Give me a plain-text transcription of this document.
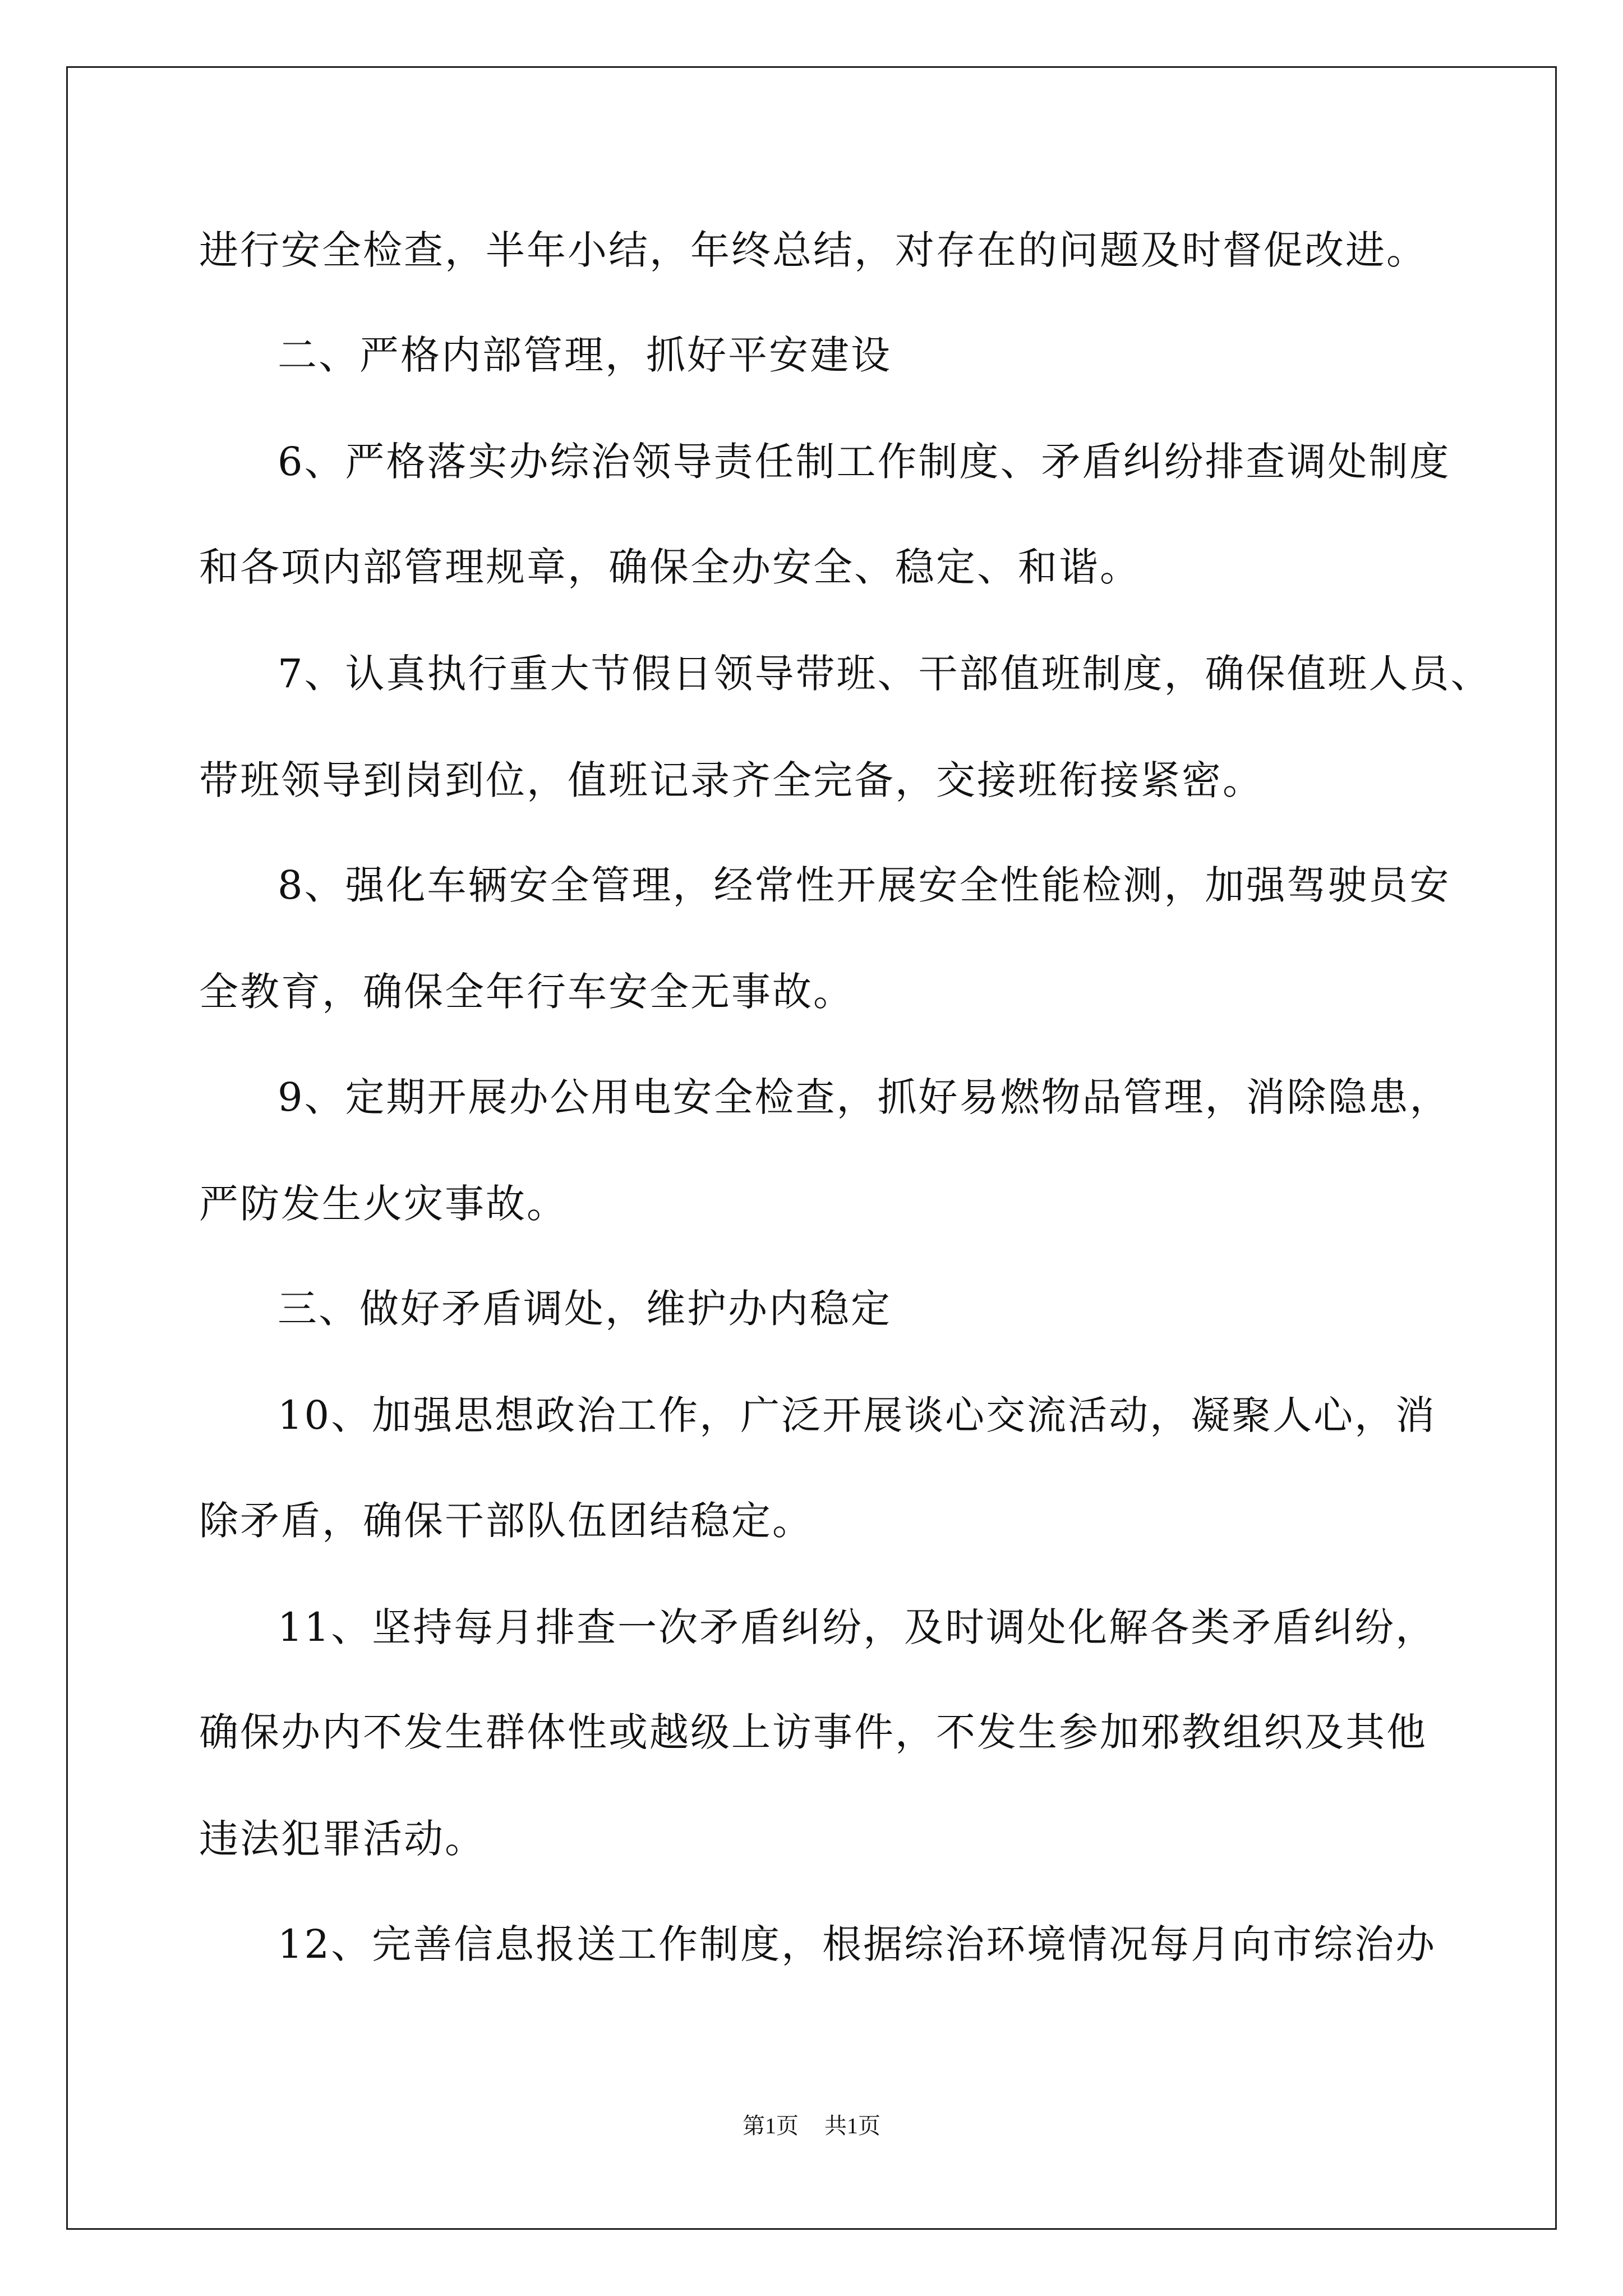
进行安全检查，半年小结，年终总结，对存在的问题及时督促改进。
二、严格内部管理，抓好平安建设
6、严格落实办综治领导责任制工作制度、矛盾纠纷排查调处制度
和各项内部管理规章，确保全办安全、稳定、和谐。
7、认真执行重大节假日领导带班、干部值班制度，确保值班人员、
带班领导到岗到位，值班记录齐全完备，交接班衔接紧密。
8、强化车辆安全管理，经常性开展安全性能检测，加强驾驶员安
全教育，确保全年行车安全无事故。
9、定期开展办公用电安全检查，抓好易燃物品管理，消除隐患，
严防发生火灾事故。
三、做好矛盾调处，维护办内稳定
10、加强思想政治工作，广泛开展谈心交流活动，凝聚人心，消
除矛盾，确保干部队伍团结稳定。
11、坚持每月排查一次矛盾纠纷，及时调处化解各类矛盾纠纷，
确保办内不发生群体性或越级上访事件，不发生参加邪教组织及其他
违法犯罪活动。
12、完善信息报送工作制度，根据综治环境情况每月向市综治办
第1页 共1页
